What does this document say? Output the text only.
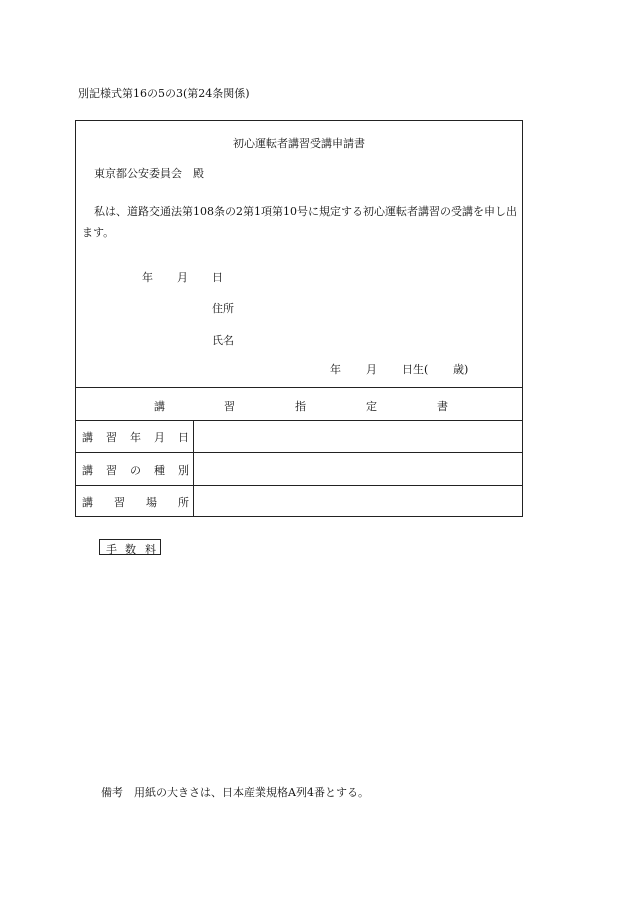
別記様式第16の5の3(第24条関係)
初心運転者講習受講申請書
東京都公安委員会　殿
私は、道路交通法第108条の2第1項第10号に規定する初心運転者講習の受講を申し出ます。
年 月 日
住所
氏名
年 月 日生( 歳)
講	習	指	定	書
講 習 年 月 日
講 習 の 種 別
講 習 場 所
手 数 料
備考　用紙の大きさは、日本産業規格A列4番とする。
